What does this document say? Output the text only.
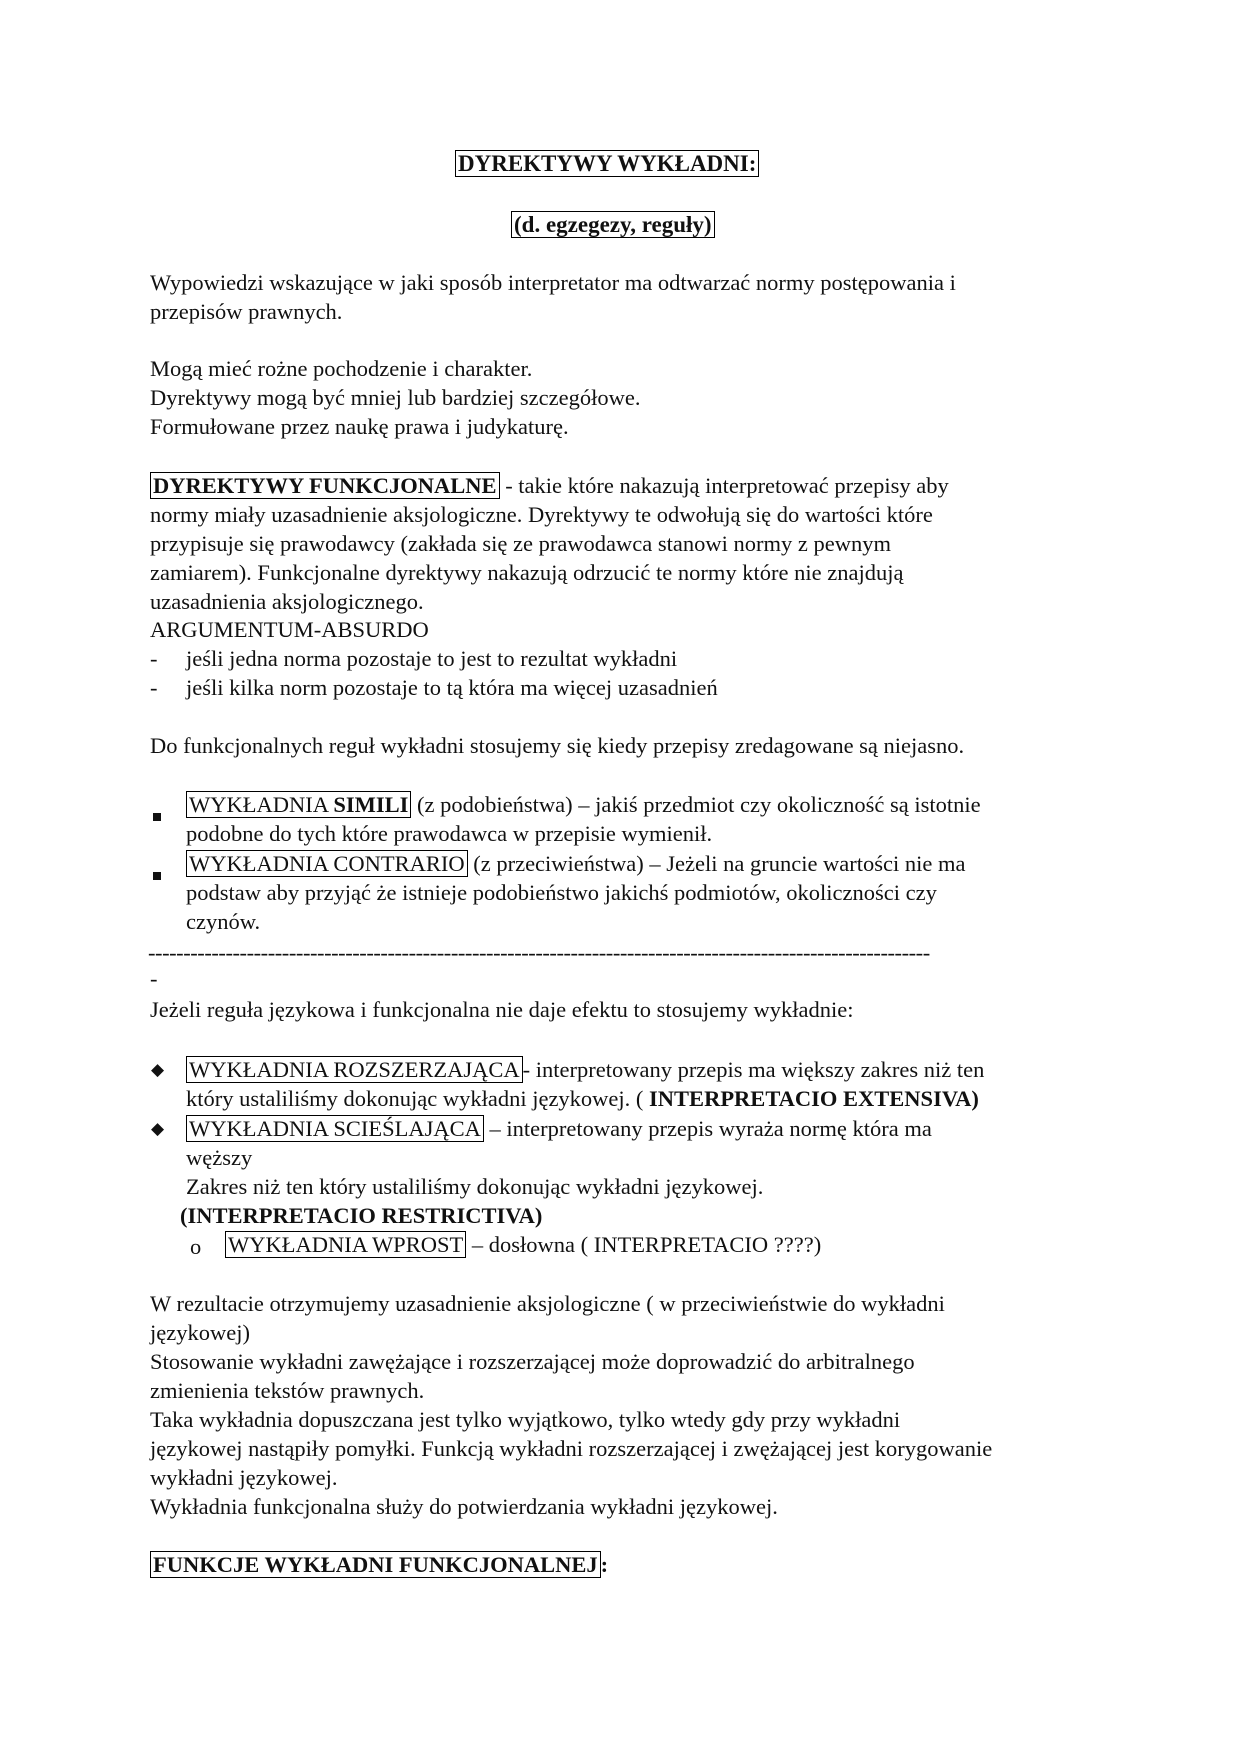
DYREKTYWY WYKŁADNI:
(d. egzegezy, reguły)
Wypowiedzi wskazujące w jaki sposób interpretator ma odtwarzać normy postępowania i
przepisów prawnych.
Mogą mieć rożne pochodzenie i charakter.
Dyrektywy mogą być mniej lub bardziej szczegółowe.
Formułowane przez naukę prawa i judykaturę.
DYREKTYWY FUNKCJONALNE - takie które nakazują interpretować przepisy aby
normy miały uzasadnienie aksjologiczne. Dyrektywy te odwołują się do wartości które
przypisuje się prawodawcy (zakłada się ze prawodawca stanowi normy z pewnym
zamiarem). Funkcjonalne dyrektywy nakazują odrzucić te normy które nie znajdują
uzasadnienia aksjologicznego.
ARGUMENTUM-ABSURDO
- jeśli jedna norma pozostaje to jest to rezultat wykładni
- jeśli kilka norm pozostaje to tą która ma więcej uzasadnień
Do funkcjonalnych reguł wykładni stosujemy się kiedy przepisy zredagowane są niejasno.
WYKŁADNIA SIMILI (z podobieństwa) – jakiś przedmiot czy okoliczność są istotnie
podobne do tych które prawodawca w przepisie wymienił.
WYKŁADNIA CONTRARIO (z przeciwieństwa) – Jeżeli na gruncie wartości nie ma
podstaw aby przyjąć że istnieje podobieństwo jakichś podmiotów, okoliczności czy
czynów.
---------------------------------------------------------------------------------------------------------------
-
Jeżeli reguła językowa i funkcjonalna nie daje efektu to stosujemy wykładnie:
◆ WYKŁADNIA ROZSZERZAJĄCA - interpretowany przepis ma większy zakres niż ten
który ustaliliśmy dokonując wykładni językowej. ( INTERPRETACIO EXTENSIVA)
◆ WYKŁADNIA SCIEŚLAJĄCA – interpretowany przepis wyraża normę która ma
węższy
Zakres niż ten który ustaliliśmy dokonując wykładni językowej.
(INTERPRETACIO RESTRICTIVA)
o WYKŁADNIA WPROST – dosłowna ( INTERPRETACIO ????)
W rezultacie otrzymujemy uzasadnienie aksjologiczne ( w przeciwieństwie do wykładni
językowej)
Stosowanie wykładni zawężające i rozszerzającej może doprowadzić do arbitralnego
zmienienia tekstów prawnych.
Taka wykładnia dopuszczana jest tylko wyjątkowo, tylko wtedy gdy przy wykładni
językowej nastąpiły pomyłki. Funkcją wykładni rozszerzającej i zwężającej jest korygowanie
wykładni językowej.
Wykładnia funkcjonalna służy do potwierdzania wykładni językowej.
FUNKCJE WYKŁADNI FUNKCJONALNEJ :
